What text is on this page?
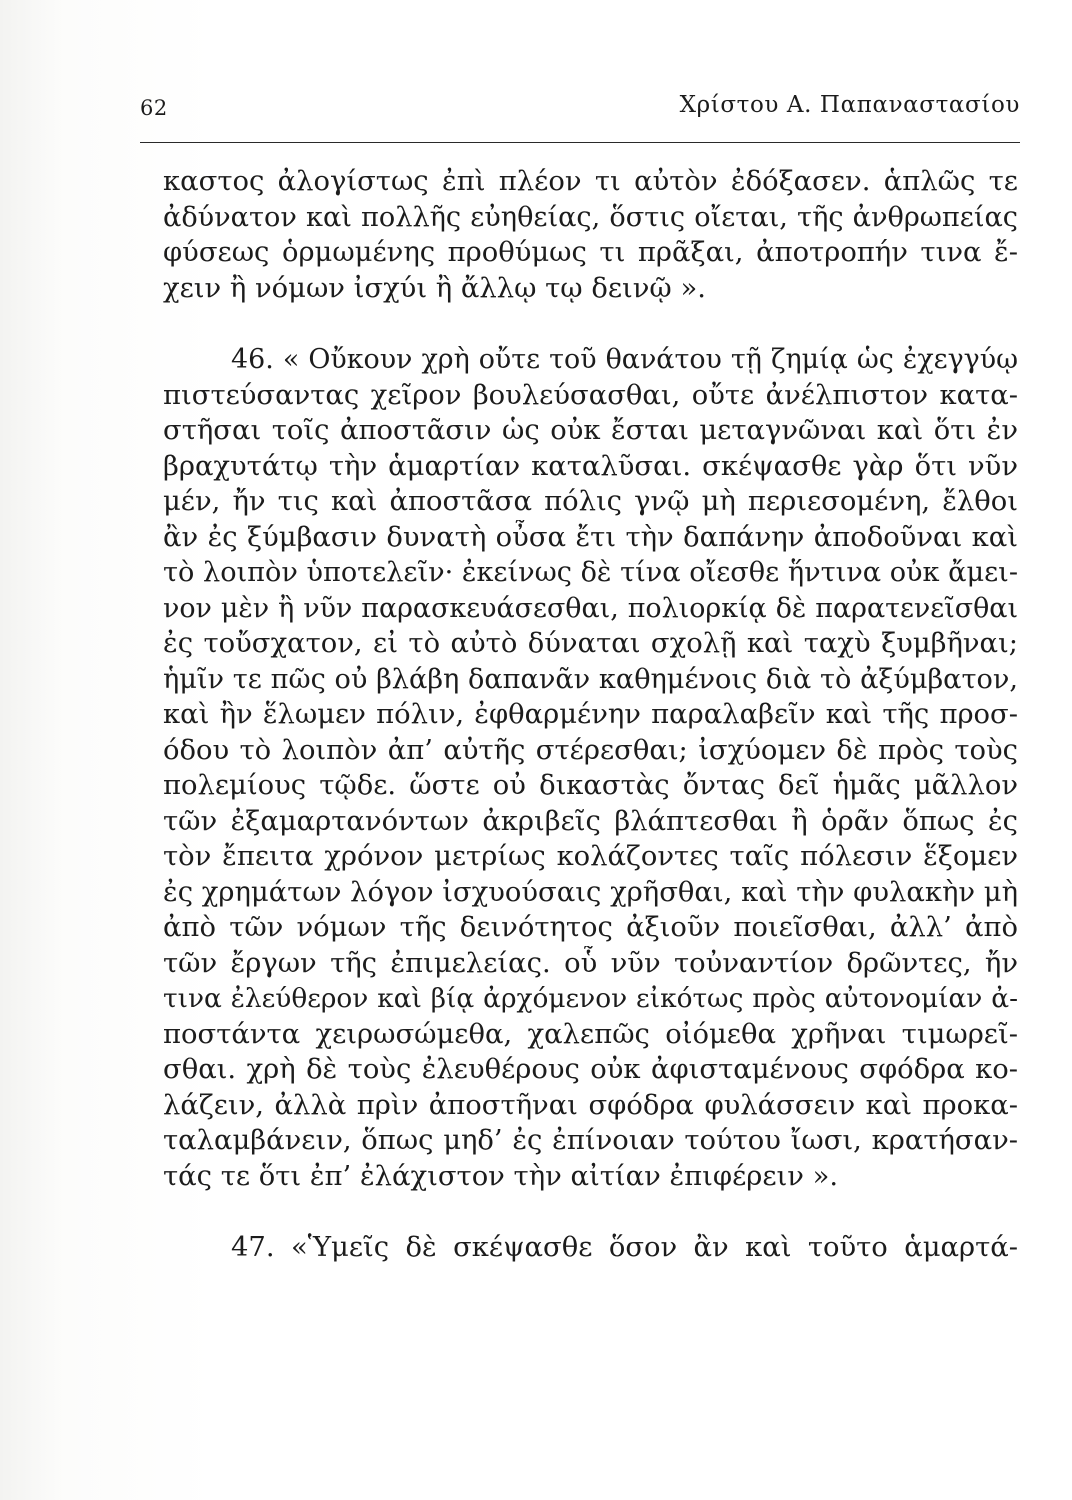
62	Χρίστου Α. Παπαναστασίου
καστος ἀλογίστως ἐπὶ πλέον τι αὐτὸν ἐδόξασεν. ἁπλῶς τε
ἀδύνατον καὶ πολλῆς εὐηθείας, ὅστις οἴεται, τῆς ἀνθρωπείας
φύσεως ὁρμωμένης προθύμως τι πρᾶξαι, ἀποτροπήν τινα ἔ-
χειν ἢ νόμων ἰσχύι ἢ ἄλλῳ τῳ δεινῷ ».
46. « Οὔκουν χρὴ οὔτε τοῦ θανάτου τῇ ζημίᾳ ὡς ἐχεγγύῳ
πιστεύσαντας χεῖρον βουλεύσασθαι, οὔτε ἀνέλπιστον κατα-
στῆσαι τοῖς ἀποστᾶσιν ὡς οὐκ ἔσται μεταγνῶναι καὶ ὅτι ἐν
βραχυτάτῳ τὴν ἁμαρτίαν καταλῦσαι. σκέψασθε γὰρ ὅτι νῦν
μέν, ἤν τις καὶ ἀποστᾶσα πόλις γνῷ μὴ περιεσομένη, ἔλθοι
ἂν ἐς ξύμβασιν δυνατὴ οὖσα ἔτι τὴν δαπάνην ἀποδοῦναι καὶ
τὸ λοιπὸν ὑποτελεῖν· ἐκείνως δὲ τίνα οἴεσθε ἥντινα οὐκ ἄμει-
νον μὲν ἢ νῦν παρασκευάσεσθαι, πολιορκίᾳ δὲ παρατενεῖσθαι
ἐς τοὔσχατον, εἰ τὸ αὐτὸ δύναται σχολῇ καὶ ταχὺ ξυμβῆναι;
ἡμῖν τε πῶς οὐ βλάβη δαπανᾶν καθημένοις διὰ τὸ ἀξύμβατον,
καὶ ἢν ἕλωμεν πόλιν, ἐφθαρμένην παραλαβεῖν καὶ τῆς προσ-
όδου τὸ λοιπὸν ἀπ’ αὐτῆς στέρεσθαι; ἰσχύομεν δὲ πρὸς τοὺς
πολεμίους τῷδε. ὥστε οὐ δικαστὰς ὄντας δεῖ ἡμᾶς μᾶλλον
τῶν ἐξαμαρτανόντων ἀκριβεῖς βλάπτεσθαι ἢ ὁρᾶν ὅπως ἐς
τὸν ἔπειτα χρόνον μετρίως κολάζοντες ταῖς πόλεσιν ἕξομεν
ἐς χρημάτων λόγον ἰσχυούσαις χρῆσθαι, καὶ τὴν φυλακὴν μὴ
ἀπὸ τῶν νόμων τῆς δεινότητος ἀξιοῦν ποιεῖσθαι, ἀλλ’ ἀπὸ
τῶν ἔργων τῆς ἐπιμελείας. οὗ νῦν τοὐναντίον δρῶντες, ἤν
τινα ἐλεύθερον καὶ βίᾳ ἀρχόμενον εἰκότως πρὸς αὐτονομίαν ἀ-
ποστάντα χειρωσώμεθα, χαλεπῶς οἰόμεθα χρῆναι τιμωρεῖ-
σθαι. χρὴ δὲ τοὺς ἐλευθέρους οὐκ ἀφισταμένους σφόδρα κο-
λάζειν, ἀλλὰ πρὶν ἀποστῆναι σφόδρα φυλάσσειν καὶ προκα-
ταλαμβάνειν, ὅπως μηδ’ ἐς ἐπίνοιαν τούτου ἴωσι, κρατήσαν-
τάς τε ὅτι ἐπ’ ἐλάχιστον τὴν αἰτίαν ἐπιφέρειν ».
47. «Ὑμεῖς δὲ σκέψασθε ὅσον ἂν καὶ τοῦτο ἁμαρτά-
